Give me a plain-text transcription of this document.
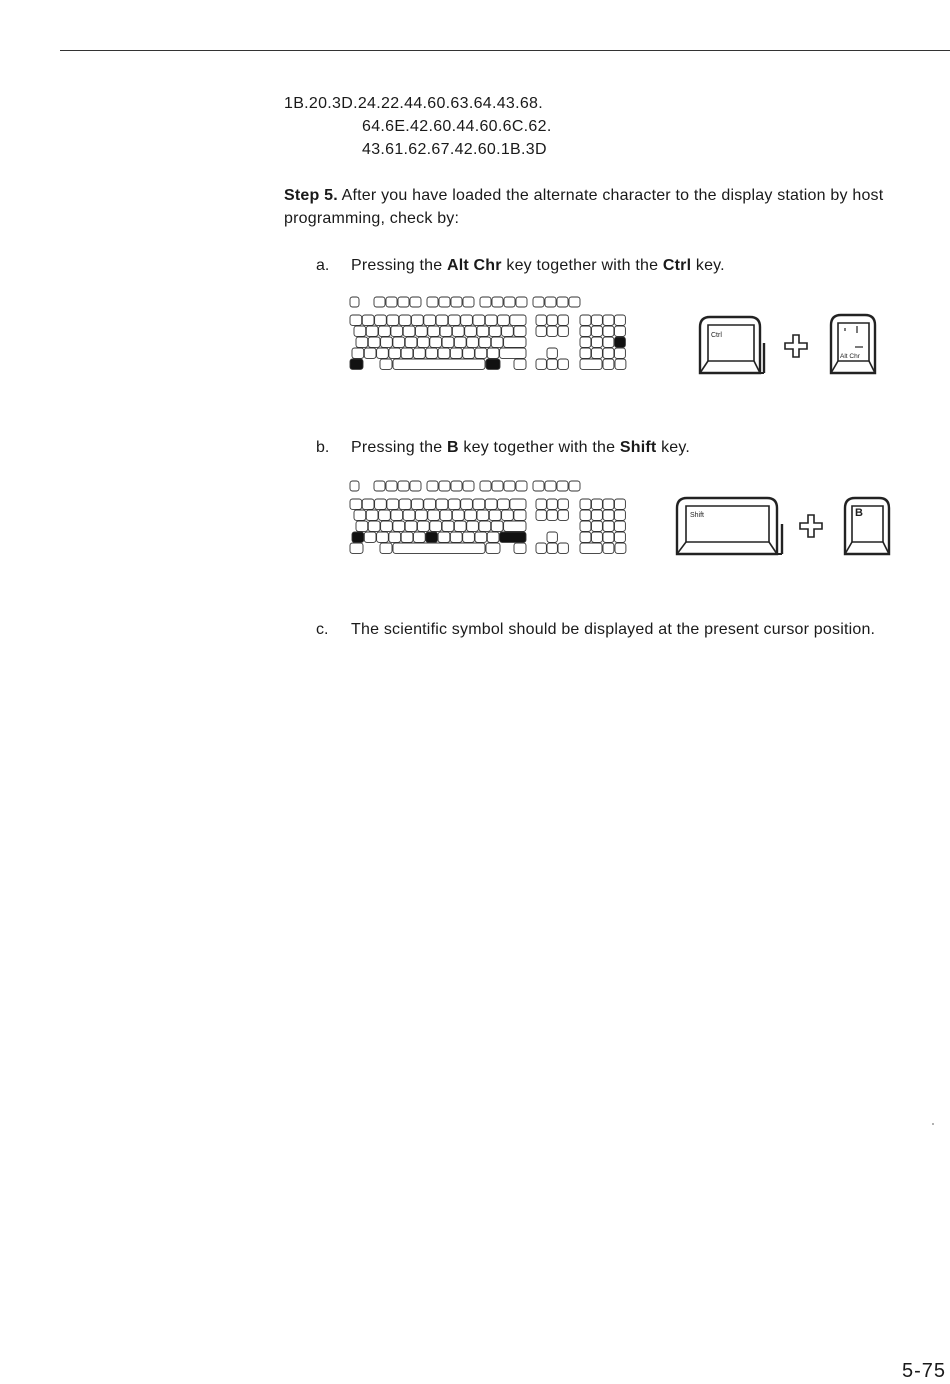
1B.20.3D.24.22.44.60.63.64.43.68.
64.6E.42.60.44.60.6C.62.
43.61.62.67.42.60.1B.3D
Step 5. After you have loaded the alternate character to the display station by host programming, check by:
a. Pressing the Alt Chr key together with the Ctrl key.
Ctrl
Alt Chr
b. Pressing the B key together with the Shift key.
Shift	B
c. The scientific symbol should be displayed at the present cursor position.
5-75
